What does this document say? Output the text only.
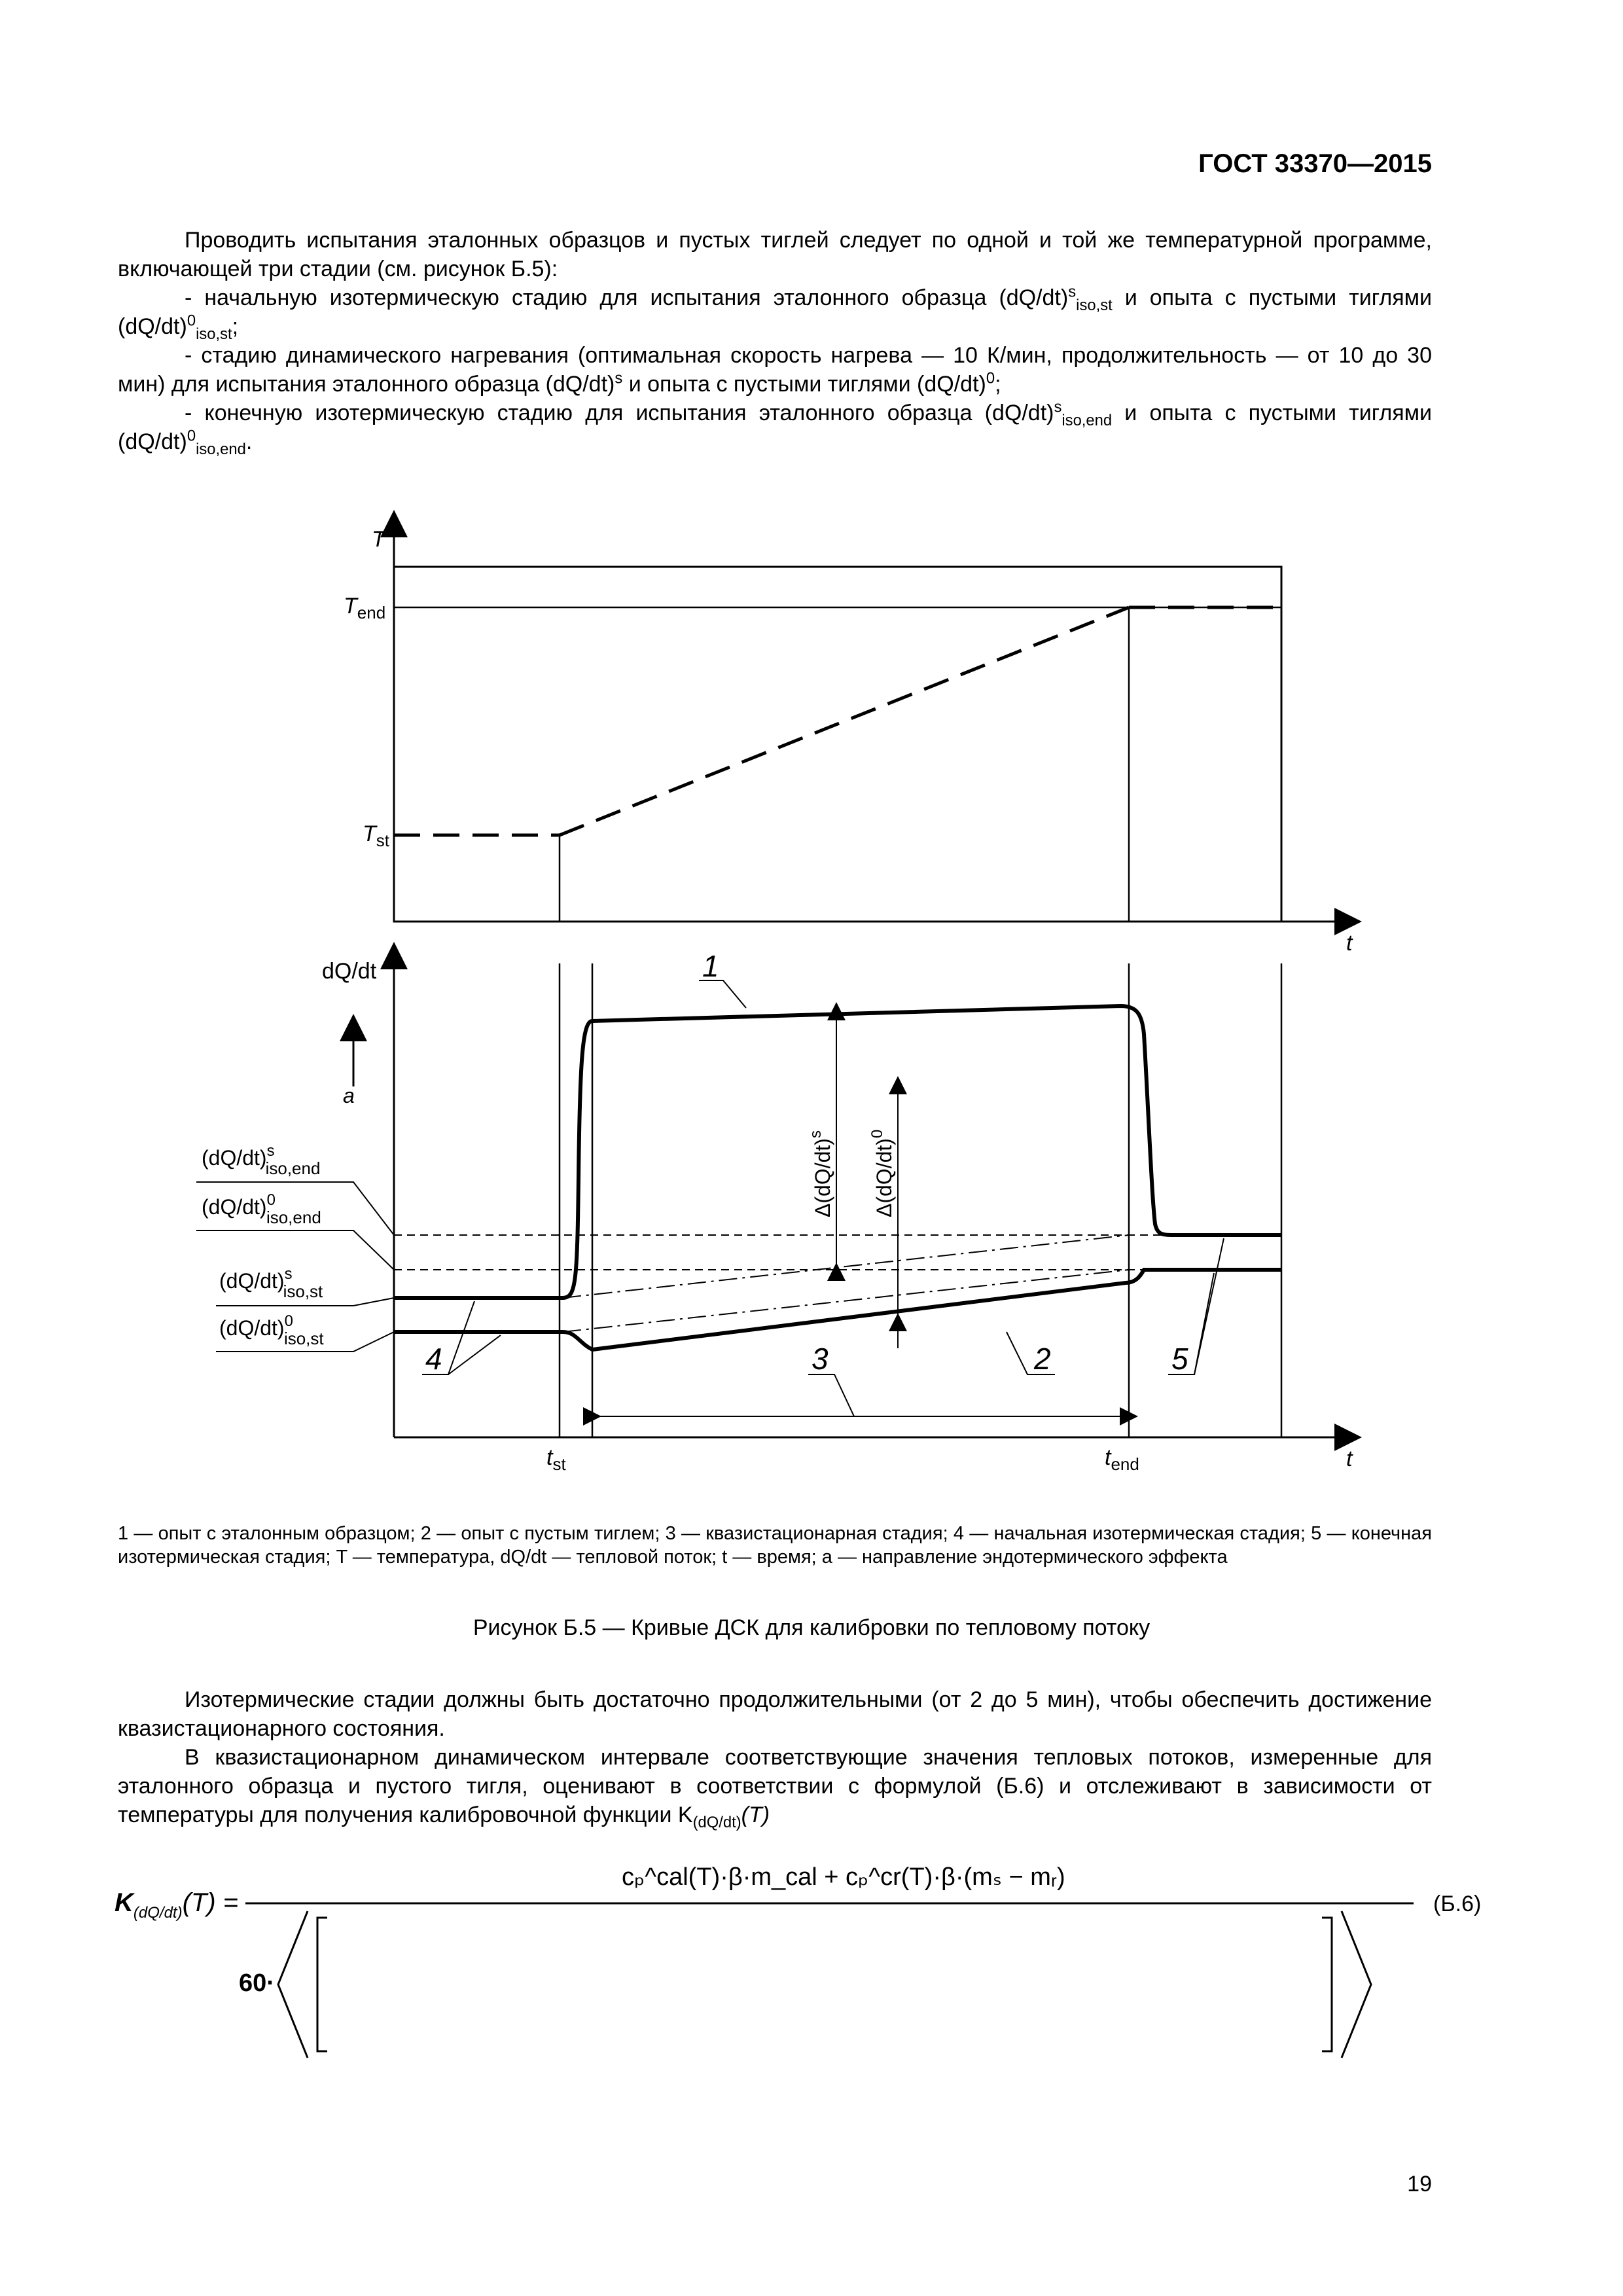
ГОСТ 33370—2015

Проводить испытания эталонных образцов и пустых тиглей следует по одной и той же температурной программе, включающей три стадии (см. рисунок Б.5):

- начальную изотермическую стадию для испытания эталонного образца $(dQ/dt)^s_{iso,st}$ и опыта с пустыми тиглями $(dQ/dt)^0_{iso,st}$;

- стадию динамического нагревания (оптимальная скорость нагрева — 10 К/мин, продолжительность — от 10 до 30 мин) для испытания эталонного образца $(dQ/dt)^s$ и опыта с пустыми тиглями $(dQ/dt)^0$;

- конечную изотермическую стадию для испытания эталонного образца $(dQ/dt)^s_{iso,end}$ и опыта с пустыми тиглями $(dQ/dt)^0_{iso,end}$.

T
t
$T_{end}$
$T_{st}$
a
dQ/dt
t
$(dQ/dt)^s$ iso,end
$(dQ/dt)^0$ iso,end
$(dQ/dt)^s$ iso,st
$(dQ/dt)^0$ iso,st
$\Delta(dQ/dt)^s$
$\Delta(dQ/dt)^0$
1
2
3
4	5
$t_{st}$	$t_{end}$
1 — опыт с эталонным образцом; 2 — опыт с пустым тиглем; 3 — квазистационарная стадия; 4 — начальная изотермическая стадия; 5 — конечная изотермическая стадия; T — температура, dQ/dt — тепловой поток; t — время; a — направление эндотермического эффекта
Рисунок Б.5 — Кривые ДСК для калибровки по тепловому потоку

Изотермические стадии должны быть достаточно продолжительными (от 2 до 5 мин), чтобы обеспечить достижение квазистационарного состояния.

В квазистационарном динамическом интервале соответствующие значения тепловых потоков, измеренные для эталонного образца и пустого тигля, оценивают в соответствии с формулой (Б.6) и отслеживают в зависимости от температуры для получения калибровочной функции $K_{(dQ/dt)}(T)$

$K_{(dQ/dt)}(T)$ =
cₚ^cal(T)·β·m_cal + cₚ^cr(T)·β·(mₛ − mᵣ)
60·
(Б.6)
19
